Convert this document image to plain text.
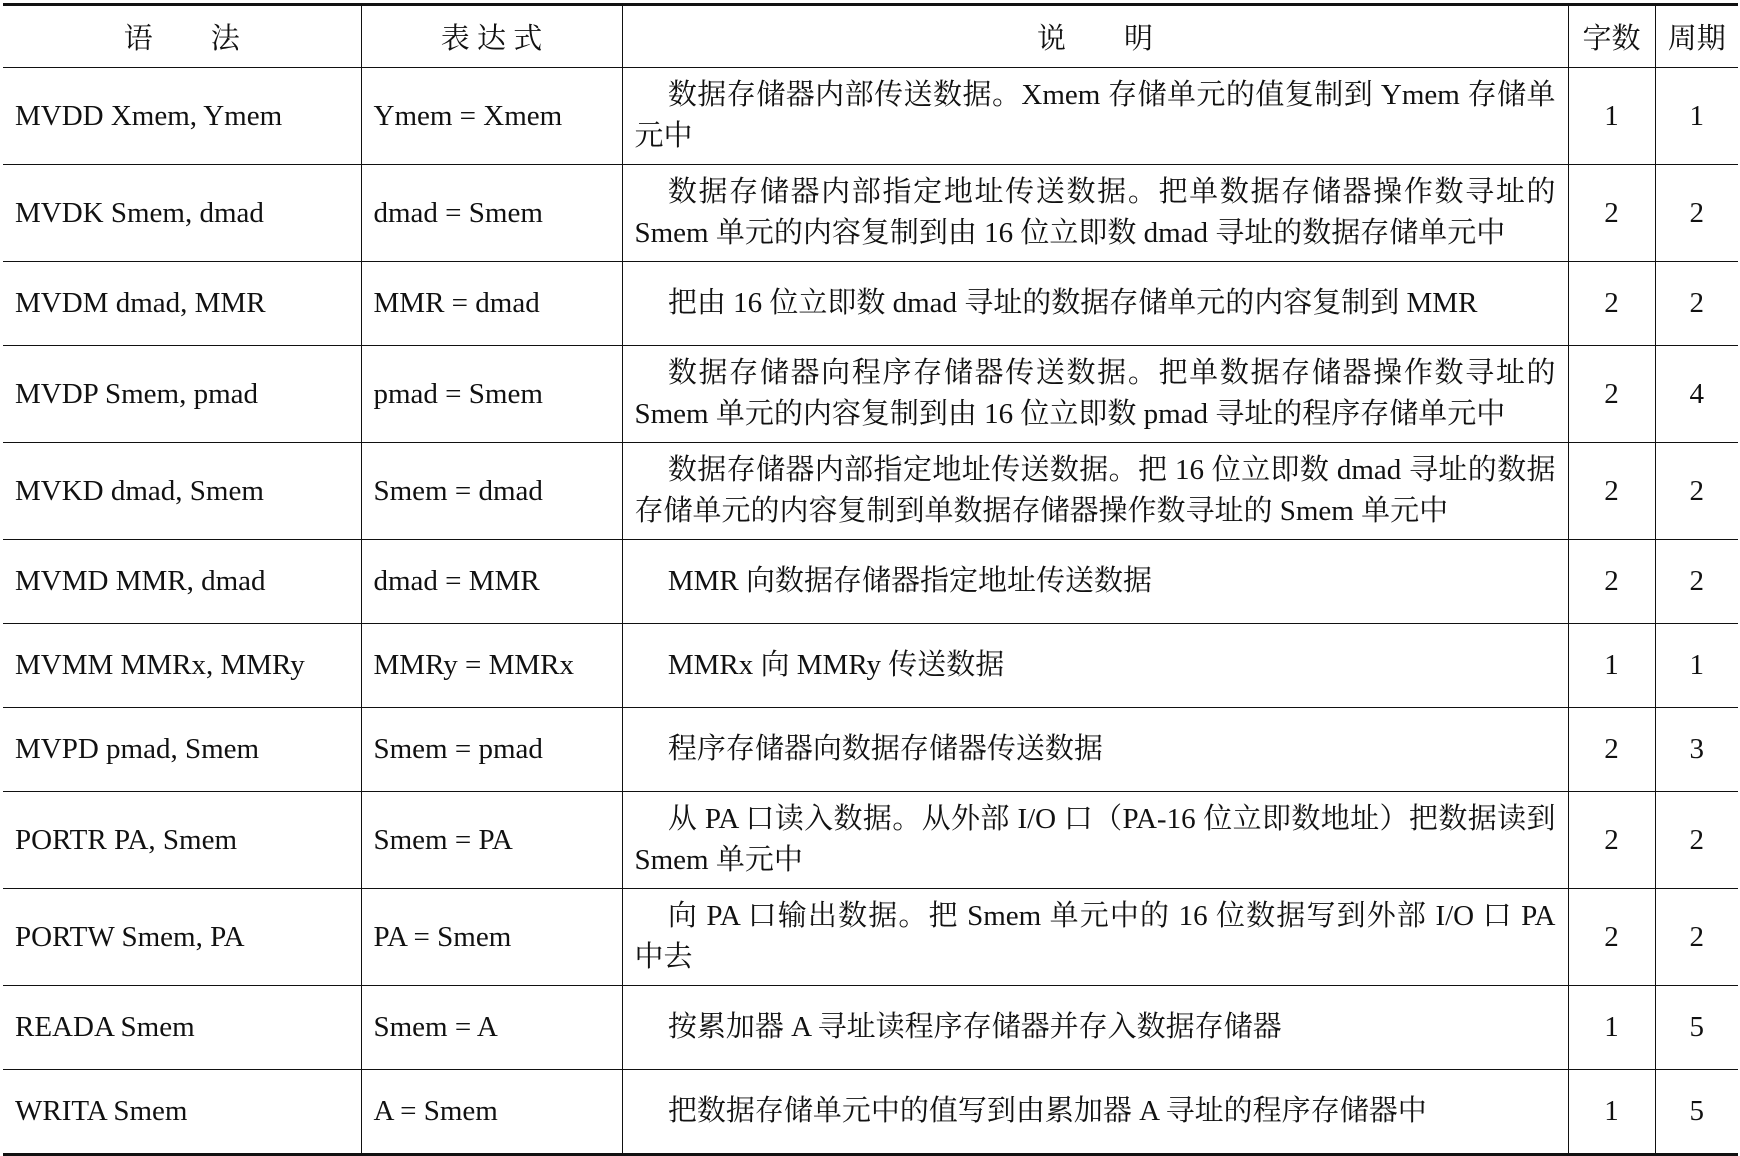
语　　法	表 达 式	说　　明	字数	周期
MVDD Xmem, Ymem	Ymem = Xmem	数据存储器内部传送数据。Xmem 存储单元的值复制到 Ymem 存储单元中	1	1
MVDK Smem, dmad	dmad = Smem	数据存储器内部指定地址传送数据。把单数据存储器操作数寻址的 Smem 单元的内容复制到由 16 位立即数 dmad 寻址的数据存储单元中	2	2
MVDM dmad, MMR	MMR = dmad	把由 16 位立即数 dmad 寻址的数据存储单元的内容复制到 MMR	2	2
MVDP Smem, pmad	pmad = Smem	数据存储器向程序存储器传送数据。把单数据存储器操作数寻址的 Smem 单元的内容复制到由 16 位立即数 pmad 寻址的程序存储单元中	2	4
MVKD dmad, Smem	Smem = dmad	数据存储器内部指定地址传送数据。把 16 位立即数 dmad 寻址的数据存储单元的内容复制到单数据存储器操作数寻址的 Smem 单元中	2	2
MVMD MMR, dmad	dmad = MMR	MMR 向数据存储器指定地址传送数据	2	2
MVMM MMRx, MMRy	MMRy = MMRx	MMRx 向 MMRy 传送数据	1	1
MVPD pmad, Smem	Smem = pmad	程序存储器向数据存储器传送数据	2	3
PORTR PA, Smem	Smem = PA	从 PA 口读入数据。从外部 I/O 口（PA-16 位立即数地址）把数据读到 Smem 单元中	2	2
PORTW Smem, PA	PA = Smem	向 PA 口输出数据。把 Smem 单元中的 16 位数据写到外部 I/O 口 PA 中去	2	2
READA Smem	Smem = A	按累加器 A 寻址读程序存储器并存入数据存储器	1	5
WRITA Smem	A = Smem	把数据存储单元中的值写到由累加器 A 寻址的程序存储器中	1	5
